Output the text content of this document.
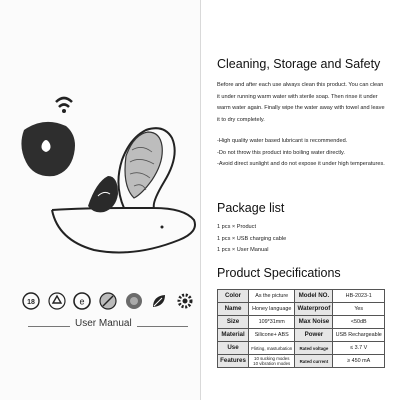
18	e
User Manual
Cleaning, Storage and Safety

Before and after each use always clean this product. You can clean it under running warm water with sterile soap. Then rinse it under warm water again. Finally wipe the water away with towel and leave it to dry completely.

-High quality water based lubricant is recommended.

-Do not throw this product into boiling water directly.

-Avoid direct sunlight and do not expose it under high temperatures.

Package list

1 pcs × Product

1 pcs × USB charging cable

1 pcs × User Manual

Product Specifications
Color	As the picture	Model NO.	HB-2023-1
Name	Honey language	Waterproof	Yes
Size	109*31mm	Max Noise	<50dB
Material	Silicone+ ABS	Power	USB Rechargeable
Use	Flirting, masturbation	Rated voltage	≤ 3.7 V
Features	10 sucking modes
10 vibration modes	Rated current	≥ 450 mA
